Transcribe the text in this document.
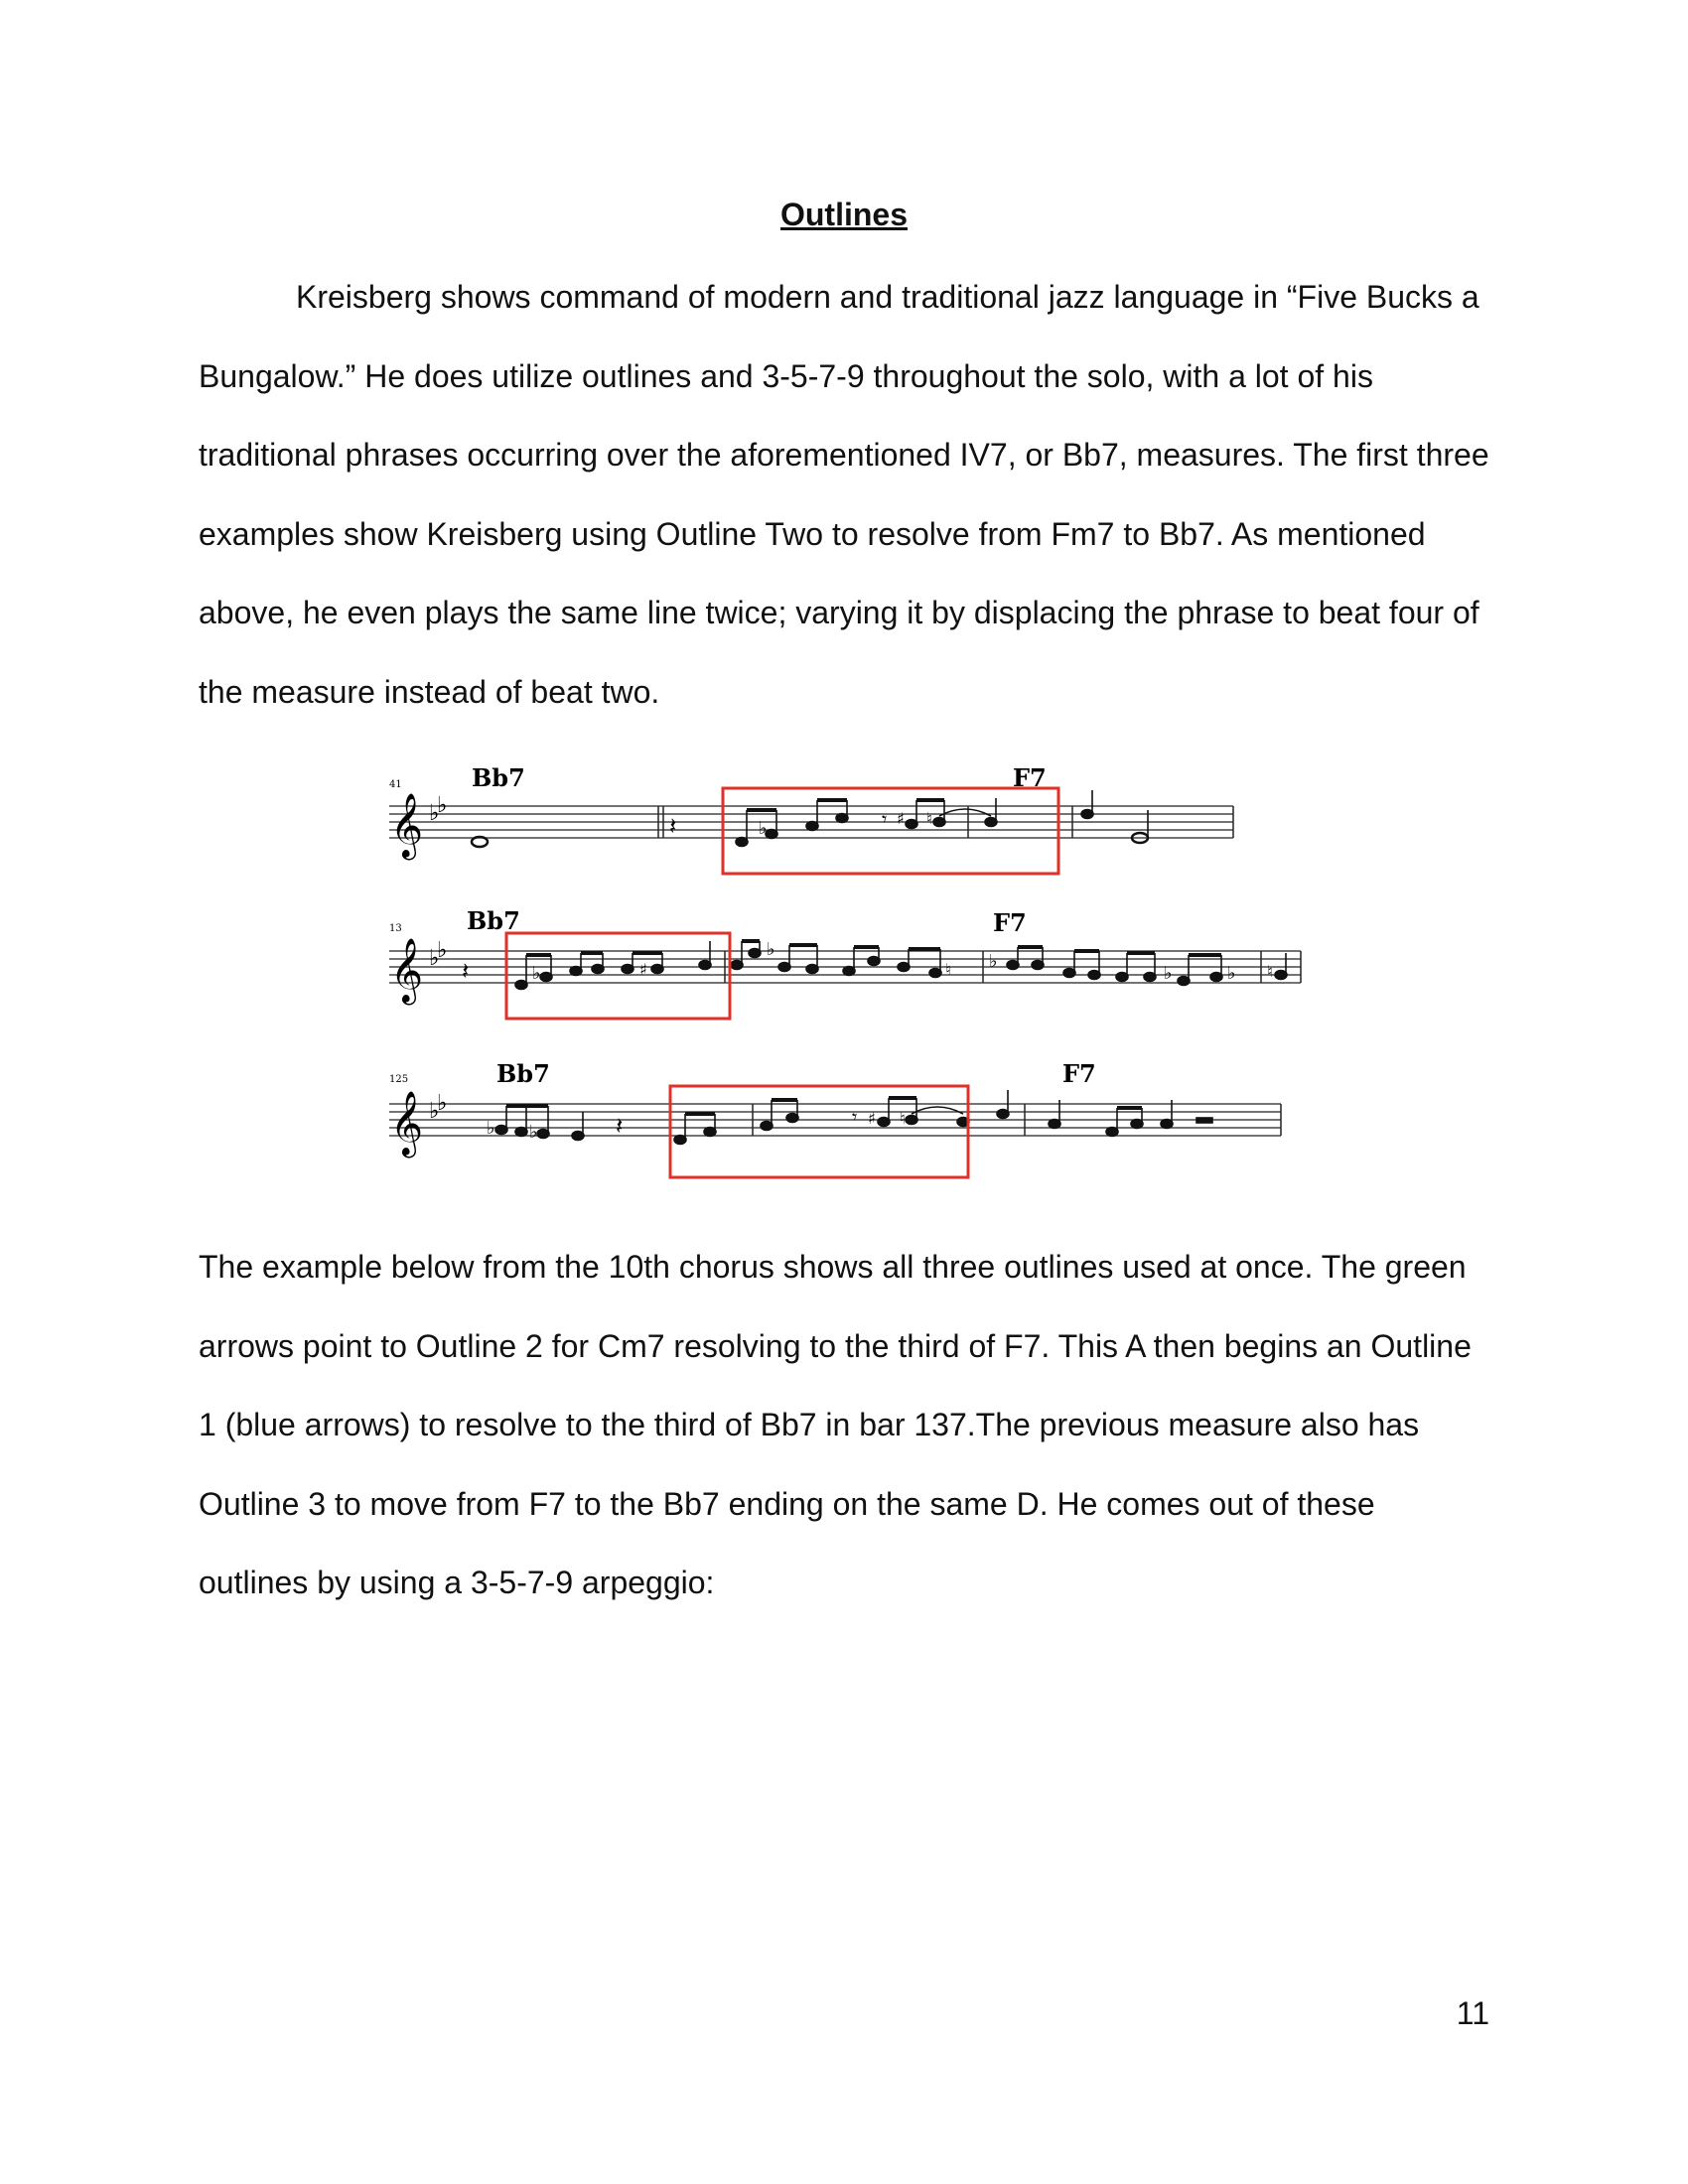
Outlines

Kreisberg shows command of modern and traditional jazz language in “Five Bucks a Bungalow.” He does utilize outlines and 3-5-7-9 throughout the solo, with a lot of his traditional phrases occurring over the aforementioned IV7, or Bb7, measures. The first three examples show Kreisberg using Outline Two to resolve from Fm7 to Bb7. As mentioned above, he even plays the same line twice; varying it by displacing the phrase to beat four of the measure instead of beat two.

41	Bb7	F7
𝄞 ♭
♭
𝄽	♭	𝄾 ♯ ♮
13	Bb7	F7
𝄞 ♭
♭
𝄽	♭	♯
♭
♮ ♭
♭	♭ ♮
125	Bb7	F7
𝄞 ♭
♭
♭ ♭	𝄽	𝄾 ♯ ♮

The example below from the 10th chorus shows all three outlines used at once. The green arrows point to Outline 2 for Cm7 resolving to the third of F7. This A then begins an Outline 1 (blue arrows) to resolve to the third of Bb7 in bar 137.The previous measure also has Outline 3 to move from F7 to the Bb7 ending on the same D. He comes out of these outlines by using a 3-5-7-9 arpeggio:

11
